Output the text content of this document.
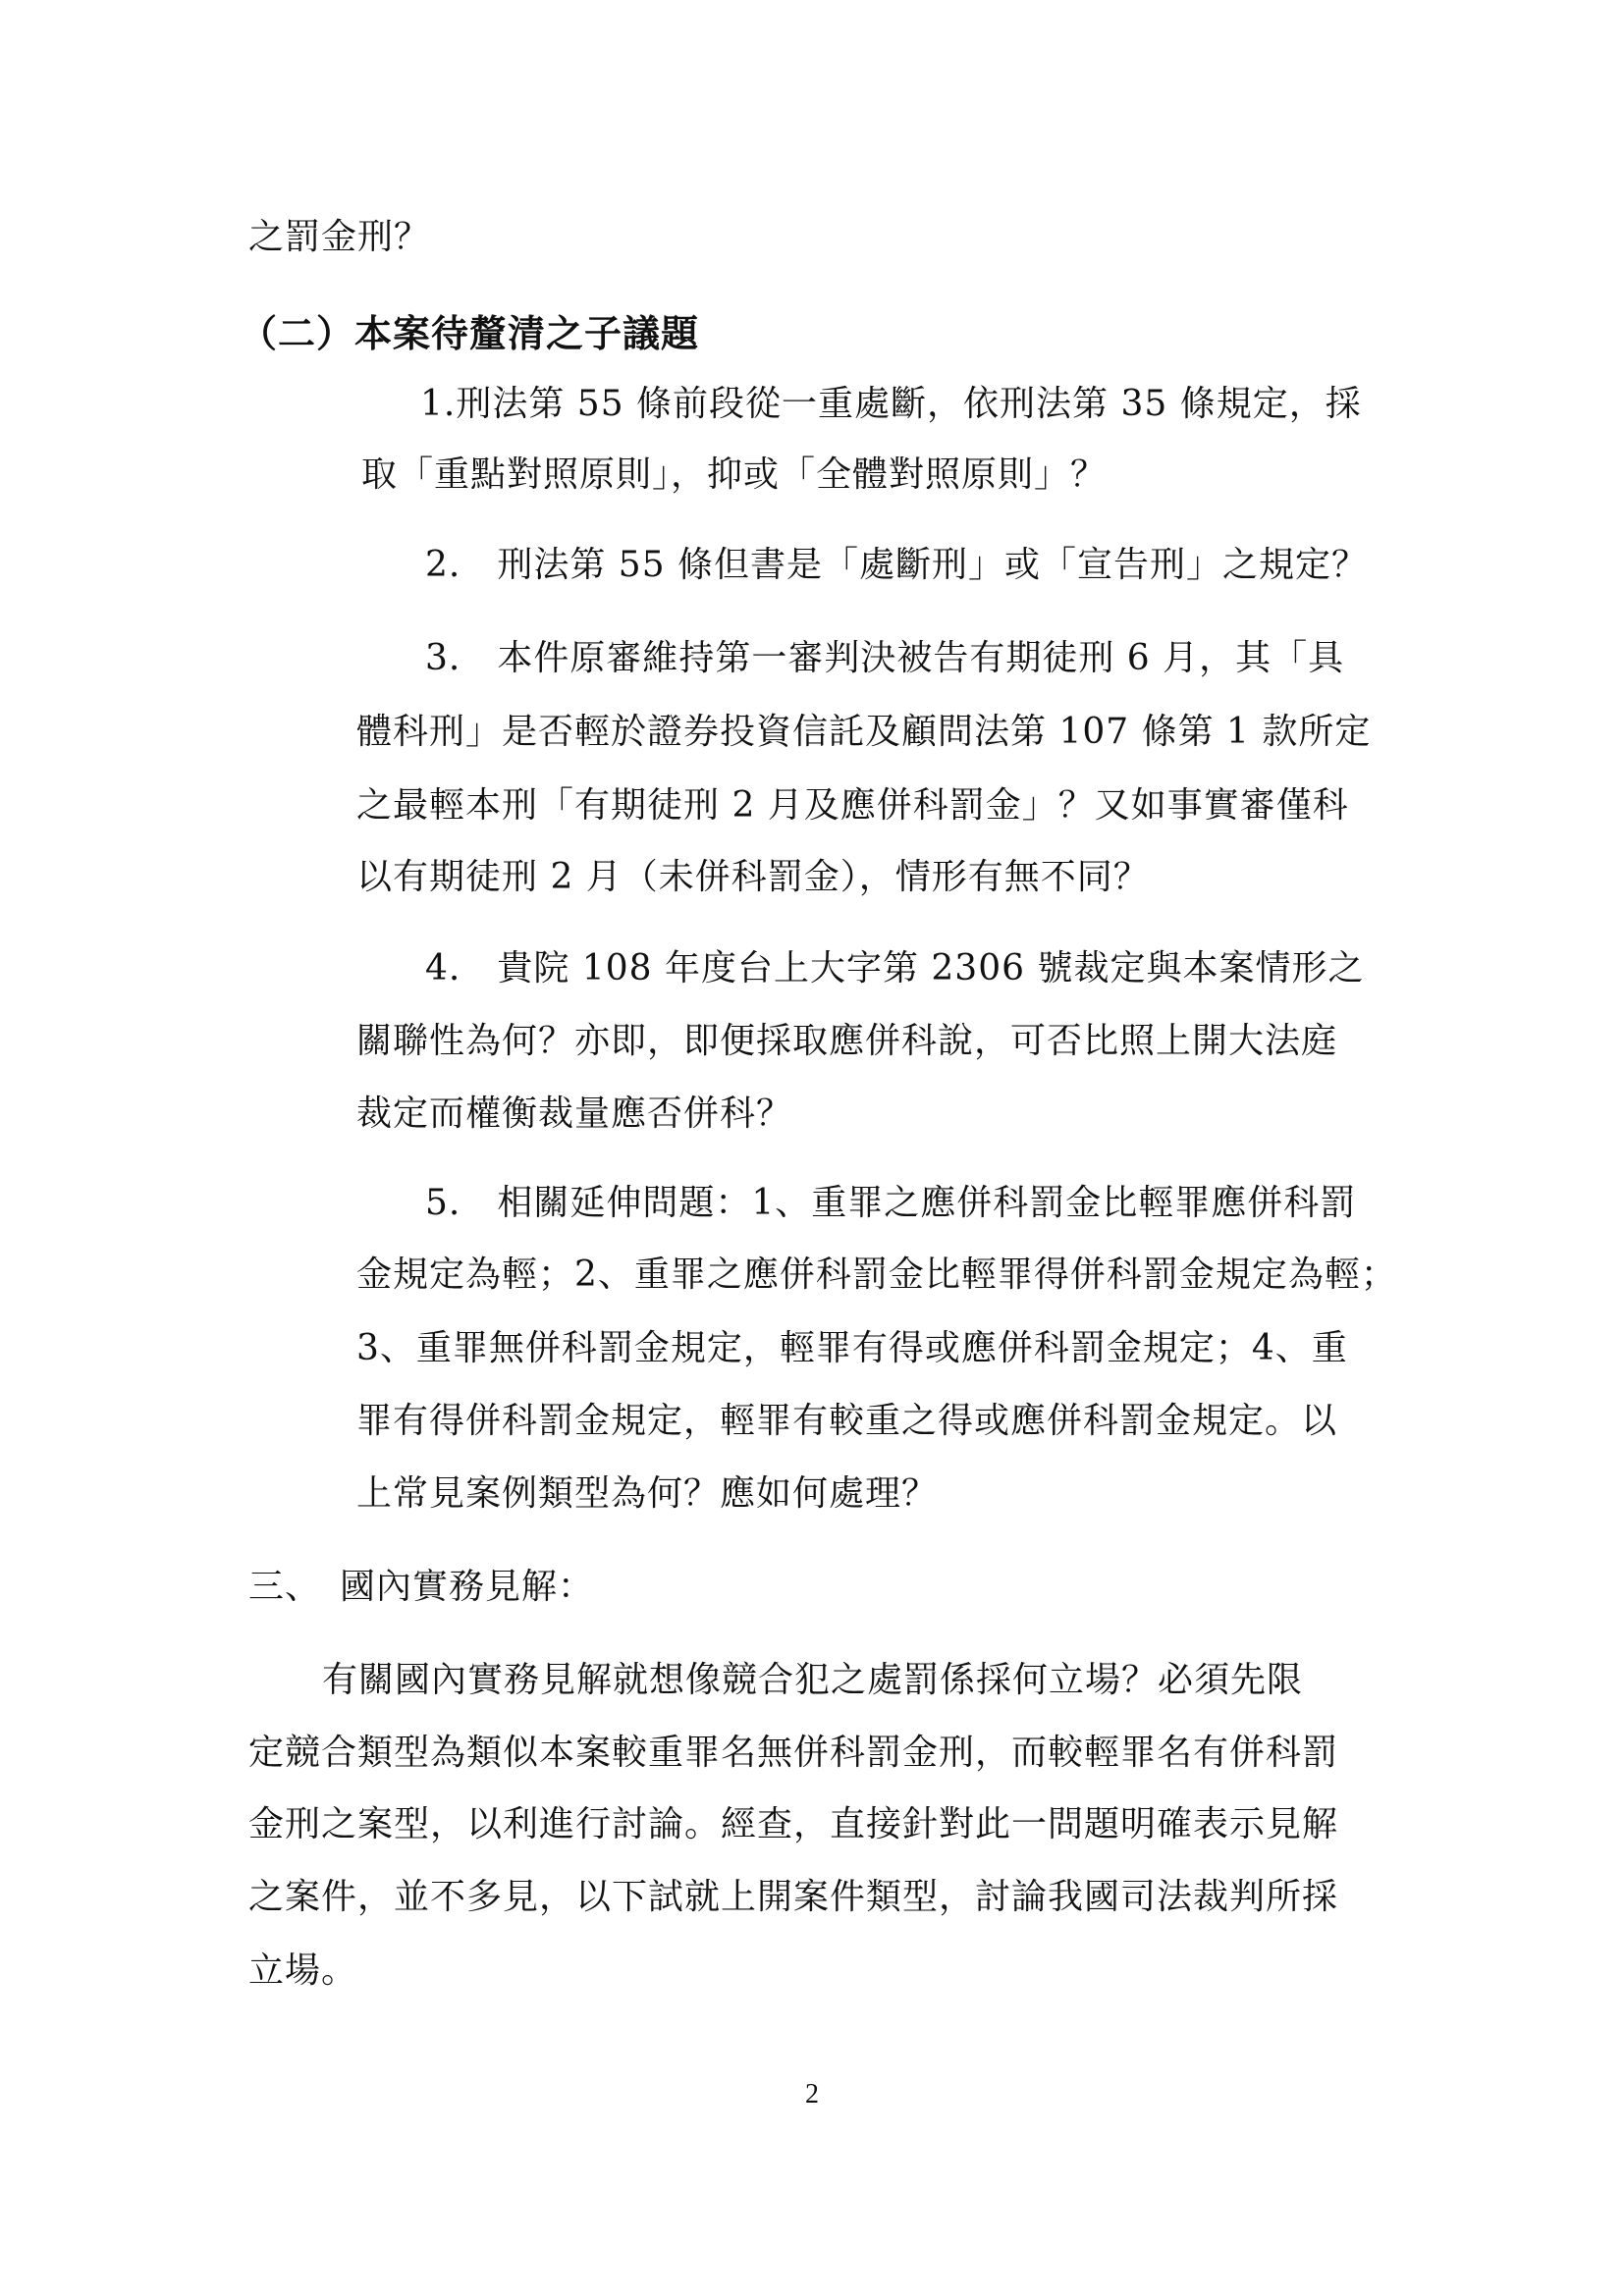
之罰金刑？
（二）本案待釐清之子議題
1.刑法第 55 條前段從一重處斷，依刑法第 35 條規定，採
取「重點對照原則」，抑或「全體對照原則」？
2.　刑法第 55 條但書是「處斷刑」或「宣告刑」之規定？
3.　本件原審維持第一審判決被告有期徒刑 6 月，其「具
體科刑」是否輕於證券投資信託及顧問法第 107 條第 1 款所定
之最輕本刑「有期徒刑 2 月及應併科罰金」？又如事實審僅科
以有期徒刑 2 月（未併科罰金），情形有無不同？
4.　貴院 108 年度台上大字第 2306 號裁定與本案情形之
關聯性為何？亦即，即便採取應併科說，可否比照上開大法庭
裁定而權衡裁量應否併科？
5.　相關延伸問題：1、重罪之應併科罰金比輕罪應併科罰
金規定為輕；2、重罪之應併科罰金比輕罪得併科罰金規定為輕；
3、重罪無併科罰金規定，輕罪有得或應併科罰金規定；4、重
罪有得併科罰金規定，輕罪有較重之得或應併科罰金規定。以
上常見案例類型為何？應如何處理？
三、　國內實務見解：
有關國內實務見解就想像競合犯之處罰係採何立場？必須先限
定競合類型為類似本案較重罪名無併科罰金刑，而較輕罪名有併科罰
金刑之案型，以利進行討論。經查，直接針對此一問題明確表示見解
之案件，並不多見，以下試就上開案件類型，討論我國司法裁判所採
立場。
2
